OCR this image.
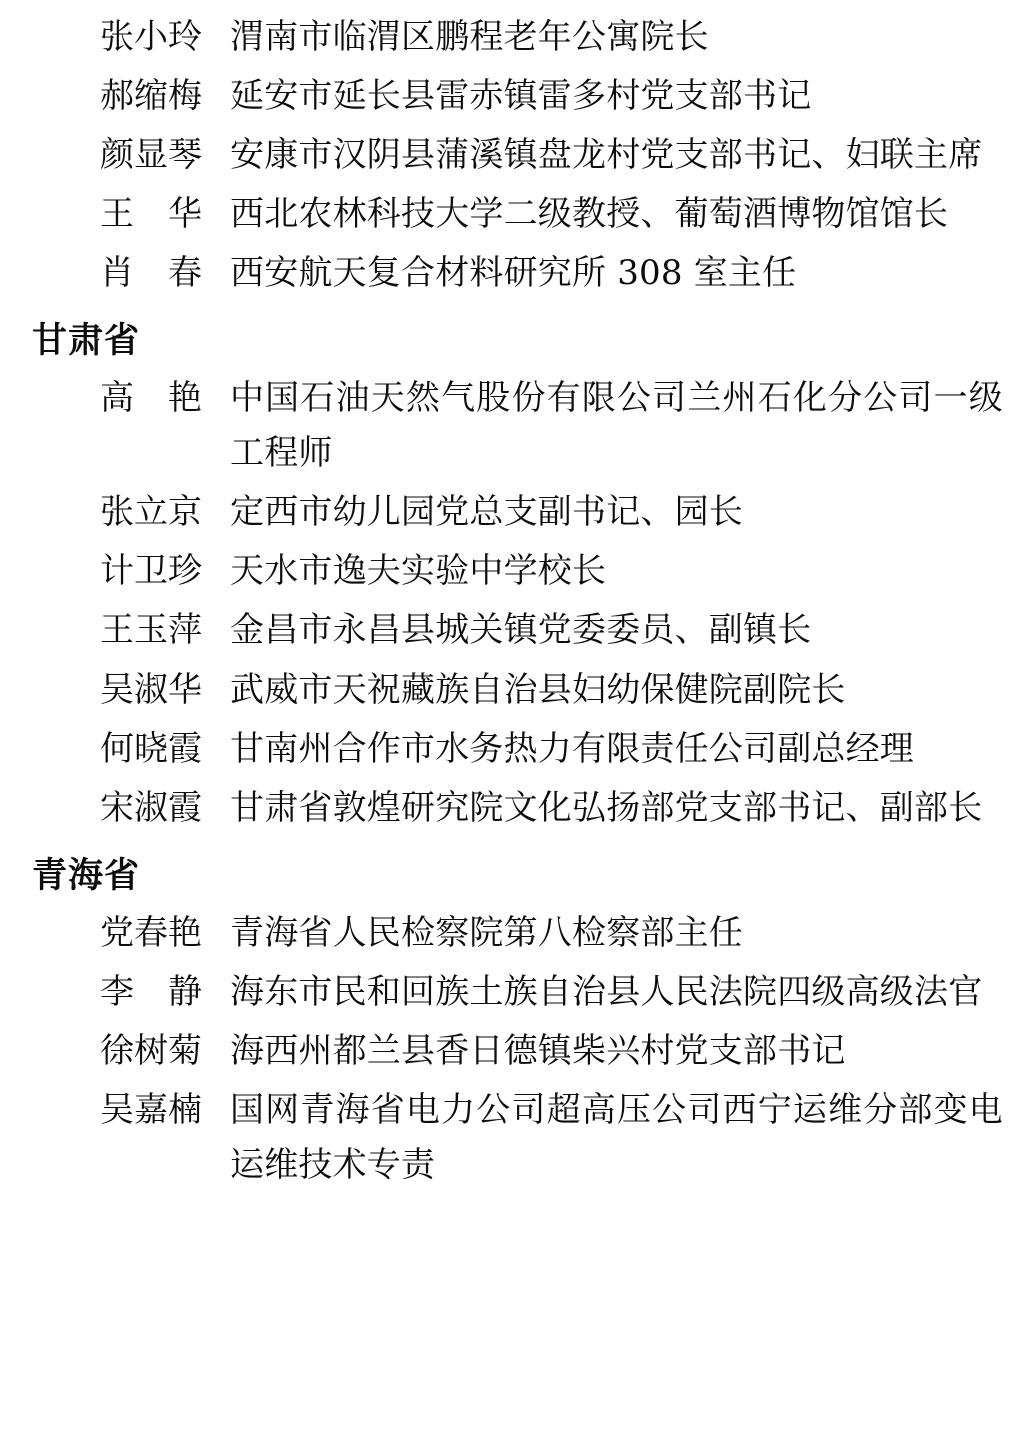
张小玲 渭南市临渭区鹏程老年公寓院长
郝缩梅 延安市延长县雷赤镇雷多村党支部书记
颜显琴 安康市汉阴县蒲溪镇盘龙村党支部书记、妇联主席
王　华 西北农林科技大学二级教授、葡萄酒博物馆馆长
肖　春 西安航天复合材料研究所 308 室主任
甘肃省
高　艳 中国石油天然气股份有限公司兰州石化分公司一级工程师
张立京 定西市幼儿园党总支副书记、园长
计卫珍 天水市逸夫实验中学校长
王玉萍 金昌市永昌县城关镇党委委员、副镇长
吴淑华 武威市天祝藏族自治县妇幼保健院副院长
何晓霞 甘南州合作市水务热力有限责任公司副总经理
宋淑霞 甘肃省敦煌研究院文化弘扬部党支部书记、副部长
青海省
党春艳 青海省人民检察院第八检察部主任
李　静 海东市民和回族土族自治县人民法院四级高级法官
徐树菊 海西州都兰县香日德镇柴兴村党支部书记
吴嘉楠 国网青海省电力公司超高压公司西宁运维分部变电运维技术专责
